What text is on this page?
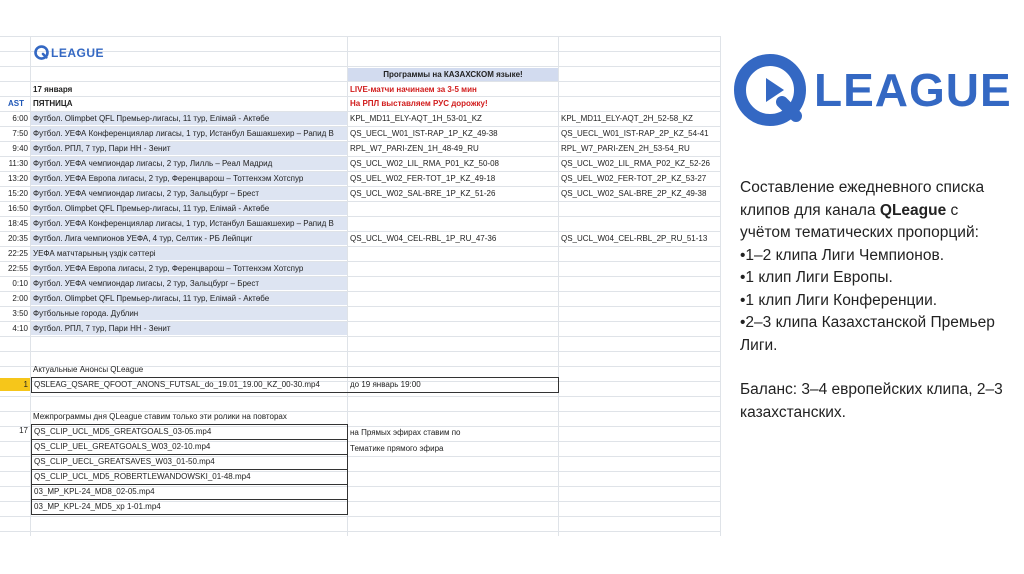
Программы на КАЗАХСКОМ языке!
17 января	LIVE-матчи начинаем за 3-5 мин
AST	ПЯТНИЦА	На PПЛ выставляем РУС дорожку!
6:00 Футбол. Olimpbet QFL Премьер-лигасы, 11 тур, Елімай - Актөбе	KPL_MD11_ELY-AQT_1H_53-01_KZ	KPL_MD11_ELY-AQT_2H_52-58_KZ
7:50 Футбол. УЕФА Конференциялар лигасы, 1 тур, Истанбул Башакшехир – Рапид В	QS_UECL_W01_IST-RAP_1P_KZ_49-38	QS_UECL_W01_IST-RAP_2P_KZ_54-41
9:40 Футбол. РПЛ, 7 тур, Пари НН - Зенит	RPL_W7_PARI-ZEN_1H_48-49_RU	RPL_W7_PARI-ZEN_2H_53-54_RU
11:30 Футбол. УЕФА чемпиондар лигасы, 2 тур, Лилль – Реал Мадрид	QS_UCL_W02_LIL_RMA_P01_KZ_50-08	QS_UCL_W02_LIL_RMA_P02_KZ_52-26
13:20 Футбол. УЕФА Европа лигасы, 2 тур, Ференцварош – Тоттенхэм Хотспур	QS_UEL_W02_FER-TOT_1P_KZ_49-18	QS_UEL_W02_FER-TOT_2P_KZ_53-27
15:20 Футбол. УЕФА чемпиондар лигасы, 2 тур, Зальцбург – Брест	QS_UCL_W02_SAL-BRE_1P_KZ_51-26	QS_UCL_W02_SAL-BRE_2P_KZ_49-38
16:50 Футбол. Olimpbet QFL Премьер-лигасы, 11 тур, Елімай - Актөбе
18:45 Футбол. УЕФА Конференциялар лигасы, 1 тур, Истанбул Башакшехир – Рапид В
20:35 Футбол. Лига чемпионов УЕФА, 4 тур, Селтик - РБ Лейпциг	QS_UCL_W04_CEL-RBL_1P_RU_47-36	QS_UCL_W04_CEL-RBL_2P_RU_51-13
22:25 УЕФА матчтарының үздік сәттері
22:55 Футбол. УЕФА Европа лигасы, 2 тур, Ференцварош – Тоттенхэм Хотспур
0:10 Футбол. УЕФА чемпиондар лигасы, 2 тур, Зальцбург – Брест
2:00 Футбол. Olimpbet QFL Премьер-лигасы, 11 тур, Елімай - Актөбе
3:50 Футбольные города. Дублин
4:10 Футбол. РПЛ, 7 тур, Пари НН - Зенит
Актуальные Анонсы QLeague
1 QSLEAG_QSARE_QFOOT_ANONS_FUTSAL_do_19.01_19.00_KZ_00-30.mp4	до 19 январь 19:00
Межпрограммы дня QLeague ставим только эти ролики на повторах
17	на Прямых эфирах ставим по
Тематике прямого эфира
QS_CLIP_UCL_MD5_GREATGOALS_03-05.mp4
QS_CLIP_UEL_GREATGOALS_W03_02-10.mp4
QS_CLIP_UECL_GREATSAVES_W03_01-50.mp4
QS_CLIP_UCL_MD5_ROBERTLEWANDOWSKI_01-48.mp4
03_MP_KPL-24_MD8_02-05.mp4
03_MP_KPL-24_MD5_xp 1-01.mp4
LEAGUE
LEAGUE

Составление ежедневного списка клипов для канала QLeague с учётом тематических пропорций:

•1–2 клипа Лиги Чемпионов.

•1 клип Лиги Европы.

•1 клип Лиги Конференции.

•2–3 клипа Казахстанской Премьер Лиги.

Баланс: 3–4 европейских клипа, 2–3 казахстанских.
